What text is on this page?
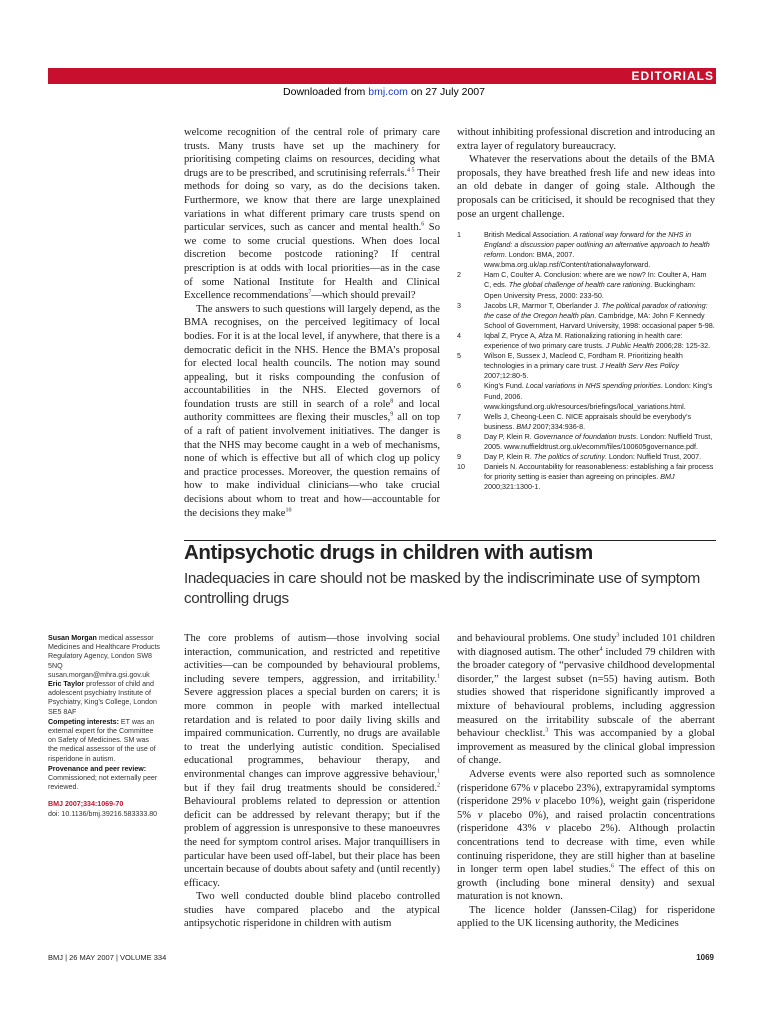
EDITORIALS
Downloaded from bmj.com on 27 July 2007

welcome recognition of the central role of primary care trusts. Many trusts have set up the machinery for prioritising competing claims on resources, deciding what drugs are to be prescribed, and scrutinising referrals.$^{4 5}$ Their methods for doing so vary, as do the decisions taken. Furthermore, we know that there are large unexplained variations in what different primary care trusts spend on particular services, such as cancer and mental health.$^6$ So we come to some crucial questions. When does local discretion become postcode rationing? If central prescription is at odds with local priorities—as in the case of some National Institute for Health and Clinical Excellence recommendations$^7$—which should prevail?

The answers to such questions will largely depend, as the BMA recognises, on the perceived legitimacy of local bodies. For it is at the local level, if anywhere, that there is a democratic deficit in the NHS. Hence the BMA’s proposal for elected local health councils. The notion may sound appealing, but it risks compounding the confusion of accountabilities in the NHS. Elected governors of foundation trusts are still in search of a role$^8$ and local authority committees are flexing their muscles,$^9$ all on top of a raft of patient involvement initiatives. The danger is that the NHS may become caught in a web of mechanisms, none of which is effective but all of which clog up policy and practice processes. Moreover, the question remains of how to make individual clinicians—who take crucial decisions about whom to treat and how—accountable for the decisions they make$^{10}$

without inhibiting professional discretion and introducing an extra layer of regulatory bureaucracy.

Whatever the reservations about the details of the BMA proposals, they have breathed fresh life and new ideas into an old debate in danger of going stale. Although the proposals can be criticised, it should be recognised that they pose an urgent challenge.

1	British Medical Association. A rational way forward for the NHS in England: a discussion paper outlining an alternative approach to health reform. London: BMA, 2007. www.bma.org.uk/ap.nsf/Content/rationalwayforward.
2	Ham C, Coulter A. Conclusion: where are we now? In: Coulter A, Ham C, eds. The global challenge of health care rationing. Buckingham: Open University Press, 2000: 233-50.
3	Jacobs LR, Marmor T, Oberlander J. The political paradox of rationing: the case of the Oregon health plan. Cambridge, MA: John F Kennedy School of Government, Harvard University, 1998: occasional paper 5-98.
4	Iqbal Z, Pryce A, Afza M. Rationalizing rationing in health care: experience of two primary care trusts. J Public Health 2006;28: 125-32.
5	Wilson E, Sussex J, Macleod C, Fordham R. Prioritizing health technologies in a primary care trust. J Health Serv Res Policy 2007;12:80-5.
6	King’s Fund. Local variations in NHS spending priorities. London: King’s Fund, 2006. www.kingsfund.org.uk/resources/briefings/local_variations.html.
7	Wells J, Cheong-Leen C. NICE appraisals should be everybody’s business. BMJ 2007;334:936-8.
8	Day P, Klein R. Governance of foundation trusts. London: Nuffield Trust, 2005. www.nuffieldtrust.org.uk/ecomm/files/100605governance.pdf.
9	Day P, Klein R. The politics of scrutiny. London: Nuffield Trust, 2007.
10	Daniels N. Accountability for reasonableness: establishing a fair process for priority setting is easier than agreeing on principles. BMJ 2000;321:1300-1.
Antipsychotic drugs in children with autism
Inadequacies in care should not be masked by the indiscriminate use of symptom controlling drugs

Susan Morgan medical assessor Medicines and Healthcare Products Regulatory Agency, London SW8 5NQ

susan.morgan@mhra.gsi.gov.uk

Eric Taylor professor of child and adolescent psychiatry Institute of Psychiatry, King’s College, London SE5 8AF

Competing interests: ET was an external expert for the Committee on Safety of Medicines. SM was the medical assessor of the use of risperidone in autism.

Provenance and peer review: Commissioned; not externally peer reviewed.

BMJ 2007;334:1069-70

doi: 10.1136/bmj.39216.583333.80

The core problems of autism—those involving social interaction, communication, and restricted and repetitive activities—can be compounded by behavioural problems, including severe tempers, aggression, and irritability.$^1$ Severe aggression places a special burden on carers; it is more common in people with marked intellectual retardation and is related to poor daily living skills and impaired communication. Currently, no drugs are available to treat the underlying autistic condition. Specialised educational programmes, behaviour therapy, and environmental changes can improve aggressive behaviour,$^1$ but if they fail drug treatments should be considered.$^2$ Behavioural problems related to depression or attention deficit can be addressed by relevant therapy; but if the problem of aggression is unresponsive to these manoeuvres the need for symptom control arises. Major tranquillisers in particular have been used off-label, but their place has been uncertain because of doubts about safety and (until recently) efficacy.

Two well conducted double blind placebo controlled studies have compared placebo and the atypical antipsychotic risperidone in children with autism

and behavioural problems. One study$^3$ included 101 children with diagnosed autism. The other$^4$ included 79 children with the broader category of “pervasive childhood developmental disorder,” the largest subset (n=55) having autism. Both studies showed that risperidone significantly improved a mixture of behavioural problems, including aggression measured on the irritability subscale of the aberrant behaviour checklist.$^3$ This was accompanied by a global improvement as measured by the clinical global impression of change.

Adverse events were also reported such as somnolence (risperidone 67% v placebo 23%), extrapyramidal symptoms (risperidone 29% v placebo 10%), weight gain (risperidone 5% v placebo 0%), and raised prolactin concentrations (risperidone 43% v placebo 2%). Although prolactin concentrations tend to decrease with time, even while continuing risperidone, they are still higher than at baseline in longer term open label studies.$^6$ The effect of this on growth (including bone mineral density) and sexual maturation is not known.

The licence holder (Janssen-Cilag) for risperidone applied to the UK licensing authority, the Medicines

BMJ | 26 MAY 2007 | VOLUME 334	1069
